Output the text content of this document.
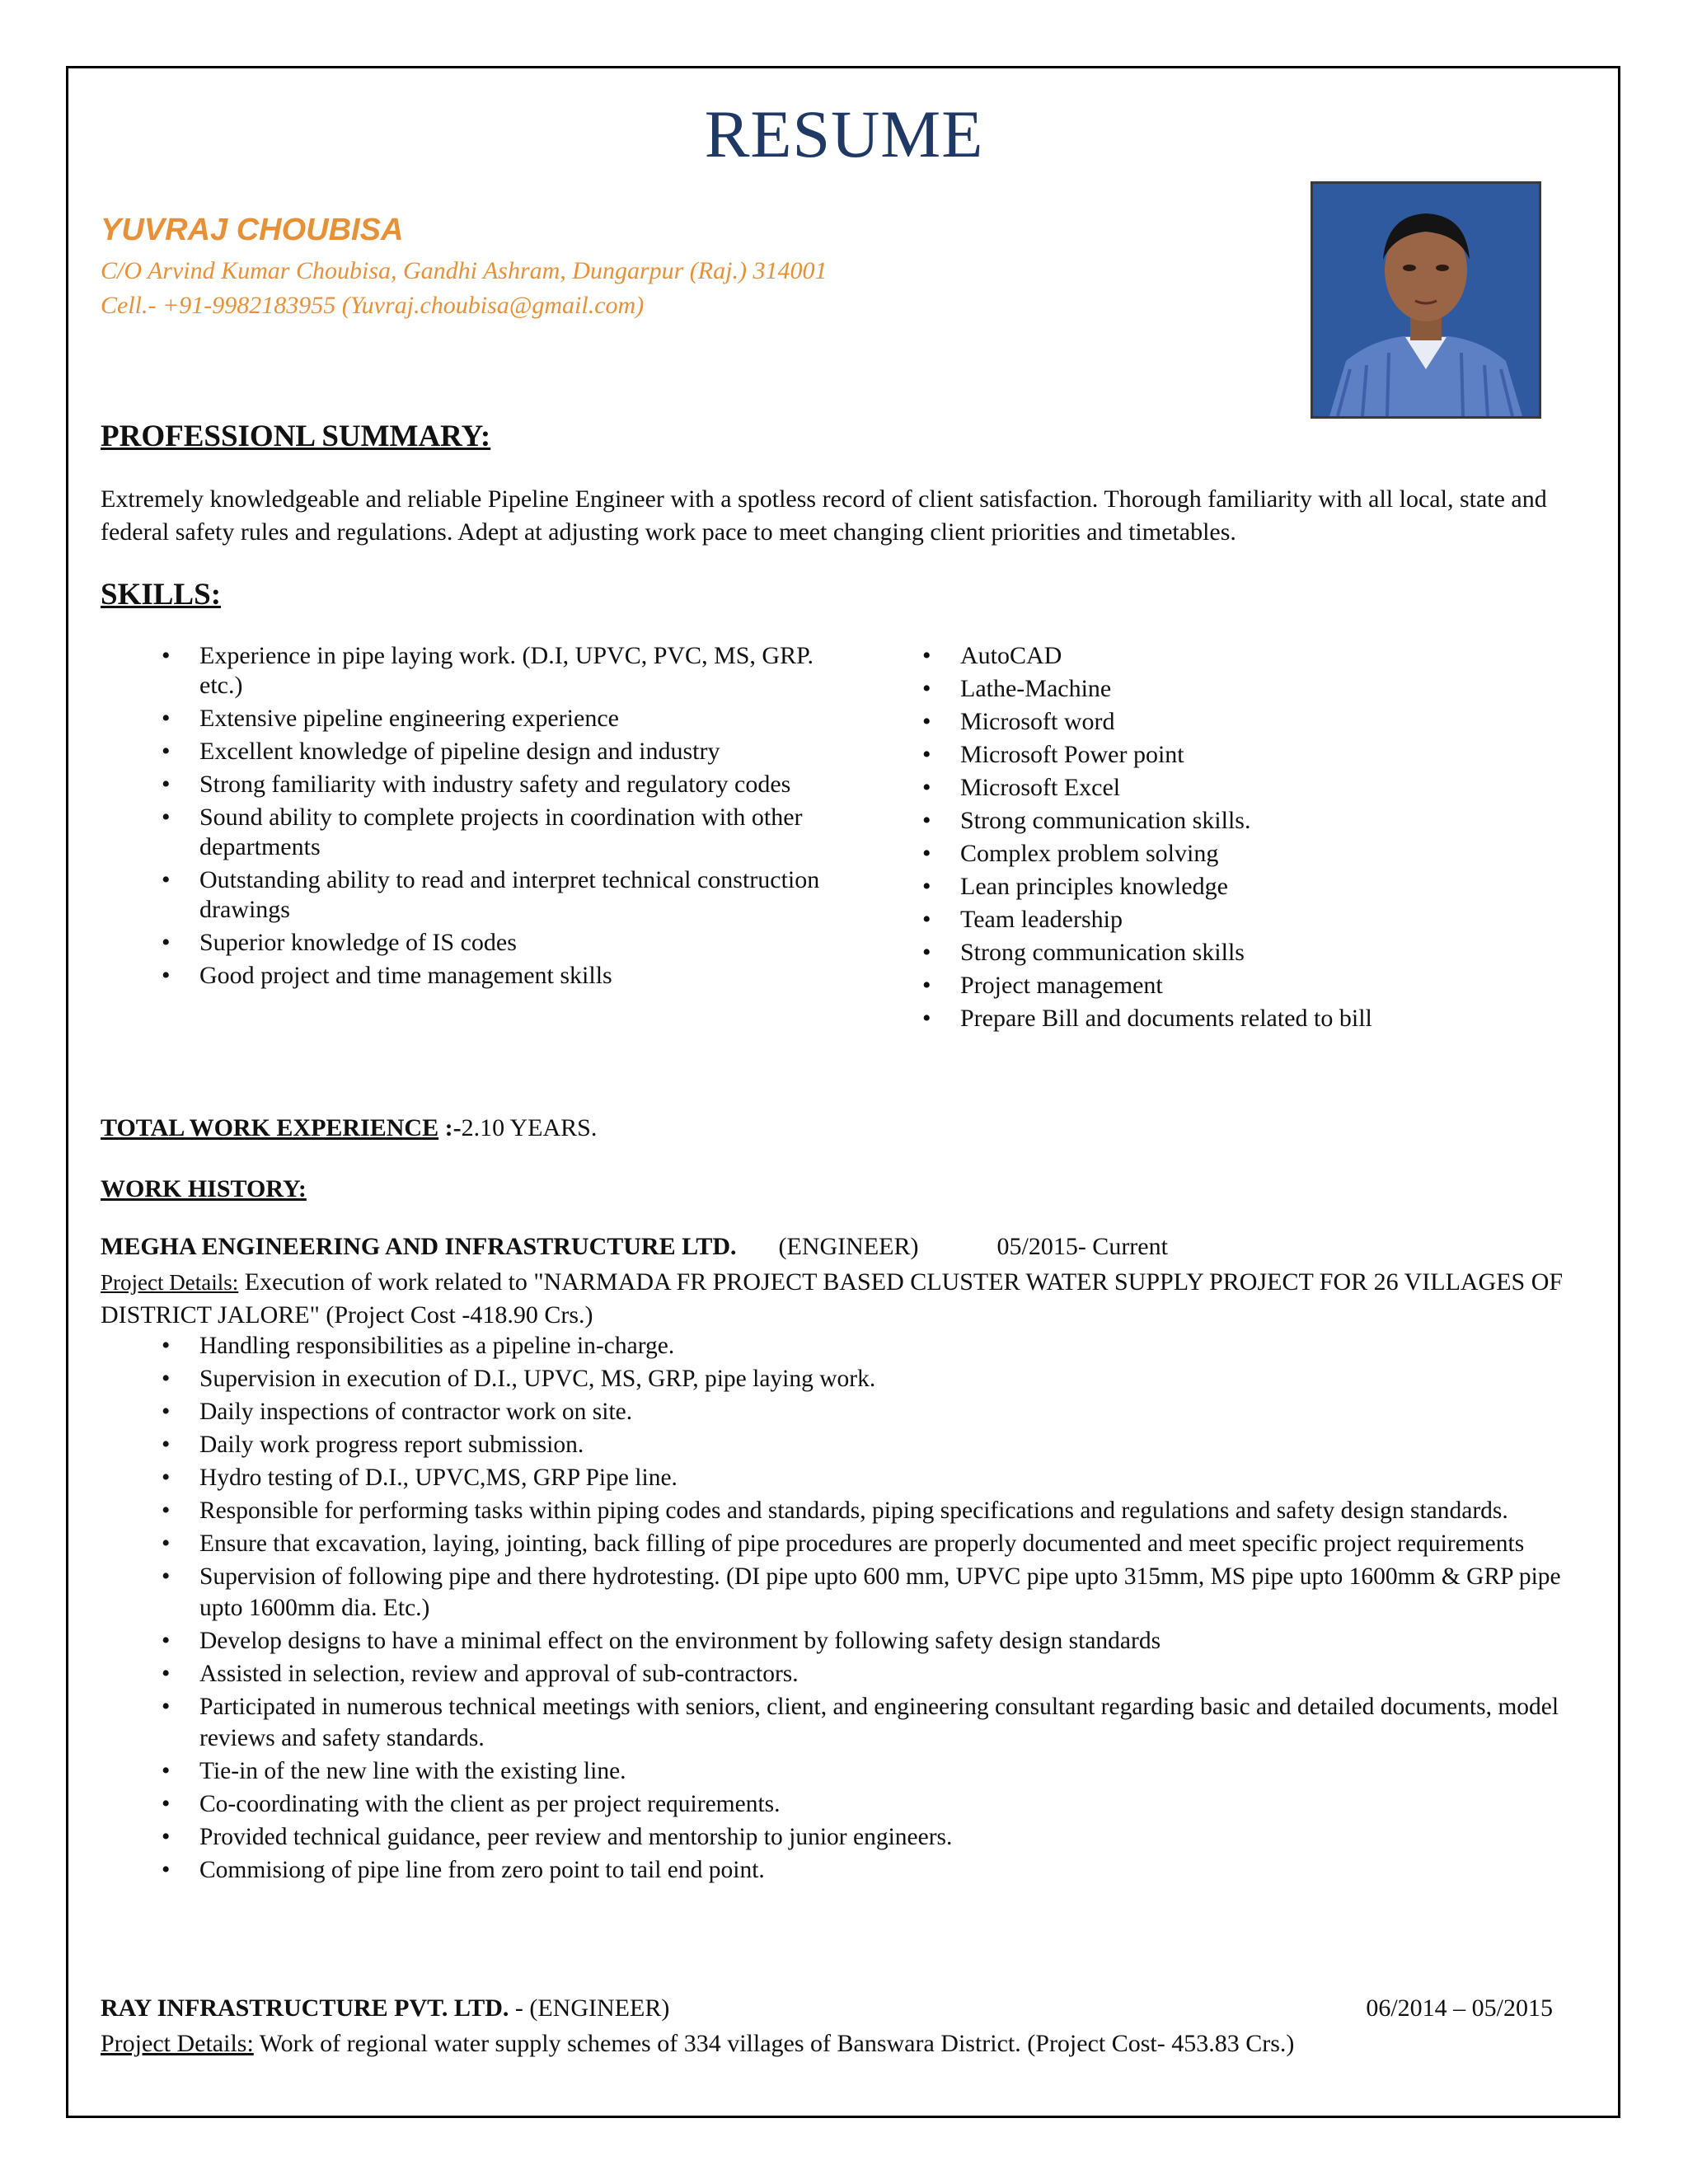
RESUME
YUVRAJ CHOUBISA
C/O Arvind Kumar Choubisa, Gandhi Ashram, Dungarpur (Raj.) 314001
Cell.- +91-9982183955 (Yuvraj.choubisa@gmail.com)
PROFESSIONL SUMMARY:
Extremely knowledgeable and reliable Pipeline Engineer with a spotless record of client satisfaction. Thorough familiarity with all local, state and federal safety rules and regulations. Adept at adjusting work pace to meet changing client priorities and timetables.
SKILLS:
• Experience in pipe laying work. (D.I, UPVC, PVC, MS, GRP. etc.)
• Extensive pipeline engineering experience
• Excellent knowledge of pipeline design and industry
• Strong familiarity with industry safety and regulatory codes
• Sound ability to complete projects in coordination with other departments
• Outstanding ability to read and interpret technical construction drawings
• Superior knowledge of IS codes
• Good project and time management skills
• AutoCAD
• Lathe-Machine
• Microsoft word
• Microsoft Power point
• Microsoft Excel
• Strong communication skills.
• Complex problem solving
• Lean principles knowledge
• Team leadership
• Strong communication skills
• Project management
• Prepare Bill and documents related to bill
TOTAL WORK EXPERIENCE :-2.10 YEARS.
WORK HISTORY:
MEGHA ENGINEERING AND INFRASTRUCTURE LTD. (ENGINEER)	05/2015- Current
Project Details: Execution of work related to "NARMADA FR PROJECT BASED CLUSTER WATER SUPPLY PROJECT FOR 26 VILLAGES OF DISTRICT JALORE" (Project Cost -418.90 Crs.)
• Handling responsibilities as a pipeline in-charge.
• Supervision in execution of D.I., UPVC, MS, GRP, pipe laying work.
• Daily inspections of contractor work on site.
• Daily work progress report submission.
• Hydro testing of D.I., UPVC,MS, GRP Pipe line.
• Responsible for performing tasks within piping codes and standards, piping specifications and regulations and safety design standards.
• Ensure that excavation, laying, jointing, back filling of pipe procedures are properly documented and meet specific project requirements
• Supervision of following pipe and there hydrotesting. (DI pipe upto 600 mm, UPVC pipe upto 315mm, MS pipe upto 1600mm & GRP pipe upto 1600mm dia. Etc.)
• Develop designs to have a minimal effect on the environment by following safety design standards
• Assisted in selection, review and approval of sub-contractors.
• Participated in numerous technical meetings with seniors, client, and engineering consultant regarding basic and detailed documents, model reviews and safety standards.
• Tie-in of the new line with the existing line.
• Co-coordinating with the client as per project requirements.
• Provided technical guidance, peer review and mentorship to junior engineers.
• Commisiong of pipe line from zero point to tail end point.
RAY INFRASTRUCTURE PVT. LTD. - (ENGINEER)	06/2014 – 05/2015
Project Details: Work of regional water supply schemes of 334 villages of Banswara District. (Project Cost- 453.83 Crs.)
